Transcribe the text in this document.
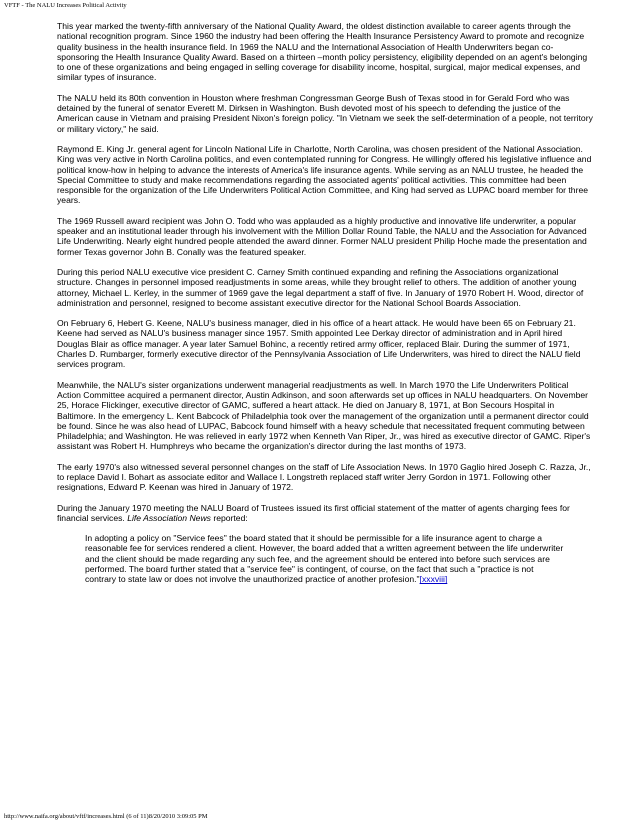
VFTF - The NALU Increases Political Activity

This year marked the twenty-fifth anniversary of the National Quality Award, the oldest distinction available to career agents through the national recognition program. Since 1960 the industry had been offering the Health Insurance Persistency Award to promote and recognize quality business in the health insurance field. In 1969 the NALU and the International Association of Health Underwriters began co-sponsoring the Health Insurance Quality Award. Based on a thirteen –month policy persistency, eligibility depended on an agent's belonging to one of these organizations and being engaged in selling coverage for disability income, hospital, surgical, major medical expenses, and similar types of insurance.

The NALU held its 80th convention in Houston where freshman Congressman George Bush of Texas stood in for Gerald Ford who was detained by the funeral of senator Everett M. Dirksen in Washington. Bush devoted most of his speech to defending the justice of the American cause in Vietnam and praising President Nixon's foreign policy. "In Vietnam we seek the self-determination of a people, not territory or military victory," he said.

Raymond E. King Jr. general agent for Lincoln National Life in Charlotte, North Carolina, was chosen president of the National Association. King was very active in North Carolina politics, and even contemplated running for Congress. He willingly offered his legislative influence and political know-how in helping to advance the interests of America's life insurance agents. While serving as an NALU trustee, he headed the Special Committee to study and make recommendations regarding the associated agents' political activities. This committee had been responsible for the organization of the Life Underwriters Political Action Committee, and King had served as LUPAC board member for three years.

The 1969 Russell award recipient was John O. Todd who was applauded as a highly productive and innovative life underwriter, a popular speaker and an institutional leader through his involvement with the Million Dollar Round Table, the NALU and the Association for Advanced Life Underwriting. Nearly eight hundred people attended the award dinner. Former NALU president Philip Hoche made the presentation and former Texas governor John B. Conally was the featured speaker.

During this period NALU executive vice president C. Carney Smith continued expanding and refining the Associations organizational structure. Changes in personnel imposed readjustments in some areas, while they brought relief to others. The addition of another young attorney, Michael L. Kerley, in the summer of 1969 gave the legal department a staff of five. In January of 1970 Robert H. Wood, director of administration and personnel, resigned to become assistant executive director for the National School Boards Association.

On February 6, Hebert G. Keene, NALU's business manager, died in his office of a heart attack. He would have been 65 on February 21. Keene had served as NALU's business manager since 1957. Smith appointed Lee Derkay director of administration and in April hired Douglas Blair as office manager. A year later Samuel Bohinc, a recently retired army officer, replaced Blair. During the summer of 1971, Charles D. Rumbarger, formerly executive director of the Pennsylvania Association of Life Underwriters, was hired to direct the NALU field services program.

Meanwhile, the NALU's sister organizations underwent managerial readjustments as well. In March 1970 the Life Underwriters Political Action Committee acquired a permanent director, Austin Adkinson, and soon afterwards set up offices in NALU headquarters. On November 25, Horace Flickinger, executive director of GAMC, suffered a heart attack. He died on January 8, 1971, at Bon Secours Hospital in Baltimore. In the emergency L. Kent Babcock of Philadelphia took over the management of the organization until a permanent director could be found. Since he was also head of LUPAC, Babcock found himself with a heavy schedule that necessitated frequent commuting between Philadelphia; and Washington. He was relieved in early 1972 when Kenneth Van Riper, Jr., was hired as executive director of GAMC. Riper's assistant was Robert H. Humphreys who became the organization's director during the last months of 1973.

The early 1970's also witnessed several personnel changes on the staff of Life Association News. In 1970 Gaglio hired Joseph C. Razza, Jr., to replace David I. Bohart as associate editor and Wallace I. Longstreth replaced staff writer Jerry Gordon in 1971. Following other resignations, Edward P. Keenan was hired in January of 1972.

During the January 1970 meeting the NALU Board of Trustees issued its first official statement of the matter of agents charging fees for financial services. Life Association News reported:

In adopting a policy on "Service fees" the board stated that it should be permissible for a life insurance agent to charge a reasonable fee for services rendered a client. However, the board added that a written agreement between the life underwriter and the client should be made regarding any such fee, and the agreement should be entered into before such services are performed. The board further stated that a "service fee" is contingent, of course, on the fact that such a "practice is not contrary to state law or does not involve the unauthorized practice of another profesion."[xxxviii]

http://www.naifa.org/about/vftf/increases.html (6 of 11)8/20/2010 3:09:05 PM
